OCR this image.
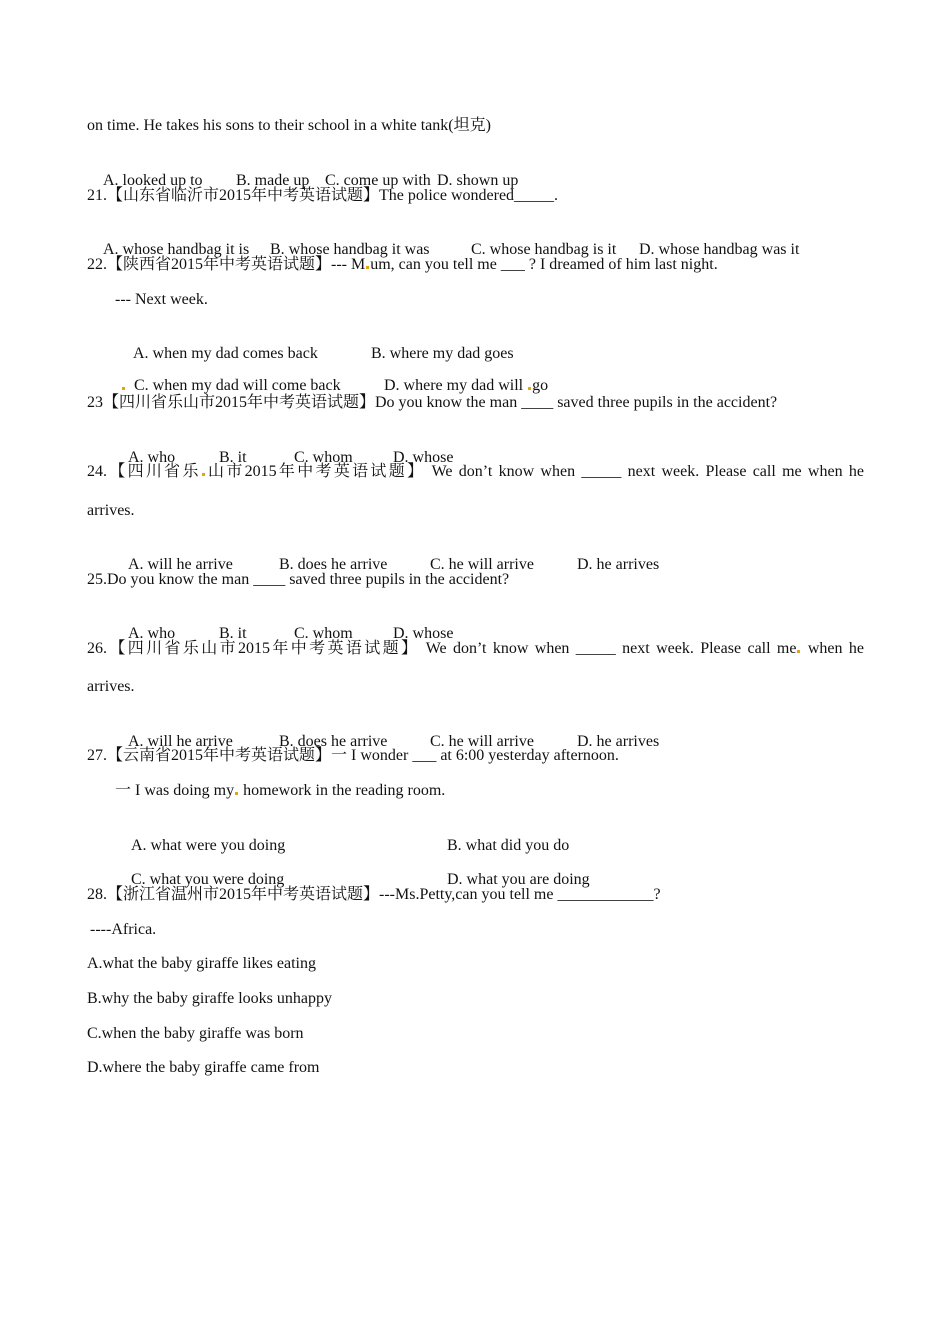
on time. He takes his sons to their school in a white tank(坦克)

A. looked up to B. made up C. come up with D. shown up

21.【山东省临沂市2015年中考英语试题】The police wondered_____.

A. whose handbag it is B. whose handbag it was	C. whose handbag is it D. whose handbag was it

22.【陕西省2015年中考英语试题】--- M um, can you tell me ___ ? I dreamed of him last night.
--- Next week.

A. when my dad comes back	B. where my dad goes

C. when my dad will come back	D. where my dad will go

23【四川省乐山市2015年中考英语试题】Do you know the man ____ saved three pupils in the accident?

A. who	B. it	C. whom	D. whose

24.【四川省乐 山市2015年中考英语试题】 We don’t know when _____ next week. Please call me when he
arrives.

A. will he arrive	B. does he arrive	C. he will arrive	D. he arrives

25.Do you know the man ____ saved three pupils in the accident?

A. who	B. it	C. whom	D. whose

26.【四川省乐山市2015年中考英语试题】 We don’t know when _____ next week. Please call me when he
arrives.

A. will he arrive	B. does he arrive	C. he will arrive	D. he arrives

27.【云南省2015年中考英语试题】一 I wonder ___ at 6:00 yesterday afternoon.
一 I was doing my homework in the reading room.

A. what were you doing	B. what did you do

C. what you were doing	D. what you are doing

28.【浙江省温州市2015年中考英语试题】---Ms.Petty,can you tell me ____________?
----Africa.
A.what the baby giraffe likes eating
B.why the baby giraffe looks unhappy
C.when the baby giraffe was born
D.where the baby giraffe came from
